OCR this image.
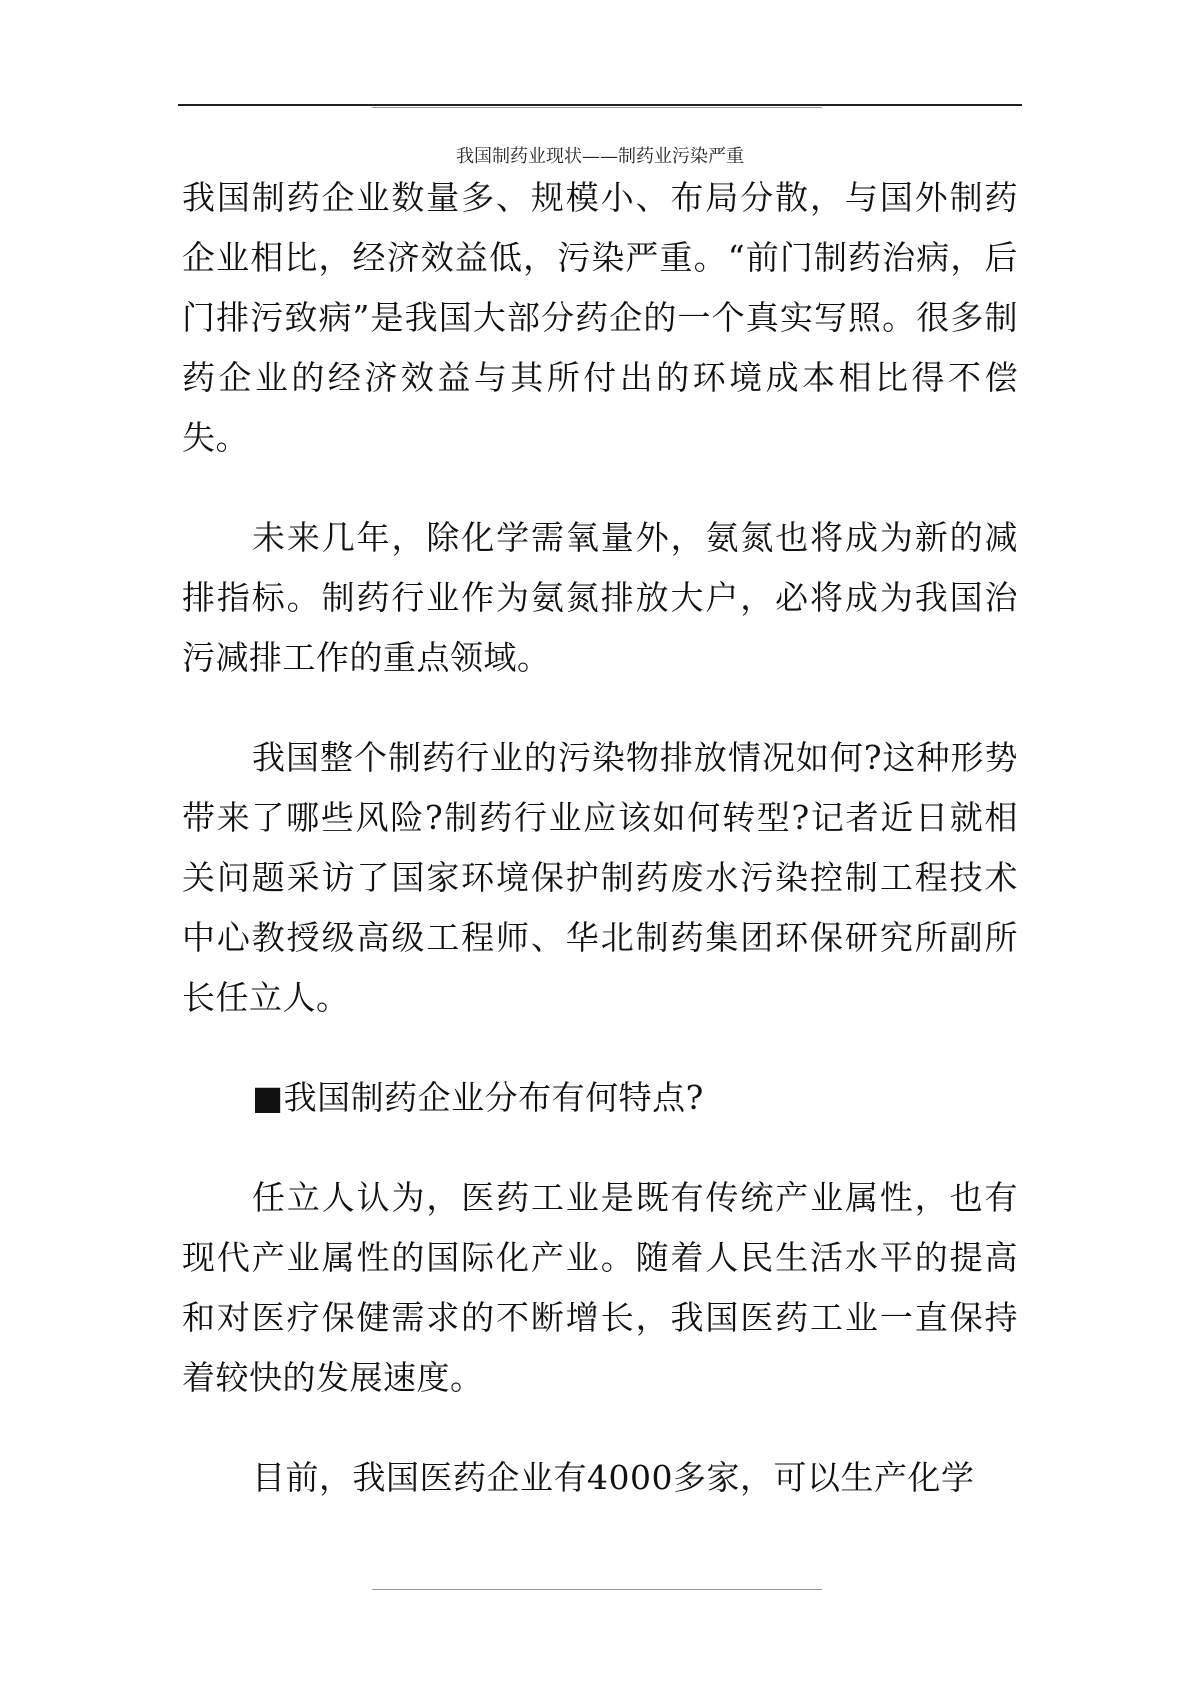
我国制药业现状——制药业污染严重

我国制药企业数量多、规模小、布局分散，与国外制药企业相比，经济效益低，污染严重。“前门制药治病，后门排污致病”是我国大部分药企的一个真实写照。很多制药企业的经济效益与其所付出的环境成本相比得不偿失。

未来几年，除化学需氧量外，氨氮也将成为新的减排指标。制药行业作为氨氮排放大户，必将成为我国治污减排工作的重点领域。

我国整个制药行业的污染物排放情况如何?这种形势带来了哪些风险?制药行业应该如何转型?记者近日就相关问题采访了国家环境保护制药废水污染控制工程技术中心教授级高级工程师、华北制药集团环保研究所副所长任立人。

■我国制药企业分布有何特点?

任立人认为，医药工业是既有传统产业属性，也有现代产业属性的国际化产业。随着人民生活水平的提高和对医疗保健需求的不断增长，我国医药工业一直保持着较快的发展速度。

目前，我国医药企业有4000多家，可以生产化学
